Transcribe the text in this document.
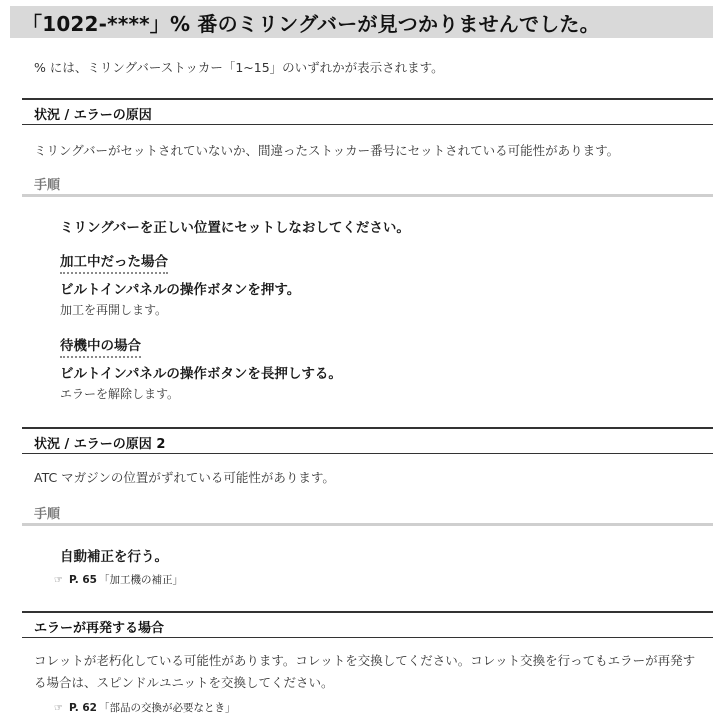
「1022-****」% 番のミリングバーが見つかりませんでした。
% には、ミリングバーストッカー「1~15」のいずれかが表示されます。
状況 / エラーの原因
ミリングバーがセットされていないか、間違ったストッカー番号にセットされている可能性があります。
手順
ミリングバーを正しい位置にセットしなおしてください。
加工中だった場合
ビルトインパネルの操作ボタンを押す。
加工を再開します。
待機中の場合
ビルトインパネルの操作ボタンを長押しする。
エラーを解除します。
状況 / エラーの原因 2
ATC マガジンの位置がずれている可能性があります。
手順
自動補正を行う。
☞ P. 65 「加工機の補正」
エラーが再発する場合
コレットが老朽化している可能性があります。コレットを交換してください。コレット交換を行ってもエラーが再発する場合は、スピンドルユニットを交換してください。
☞ P. 62 「部品の交換が必要なとき」
